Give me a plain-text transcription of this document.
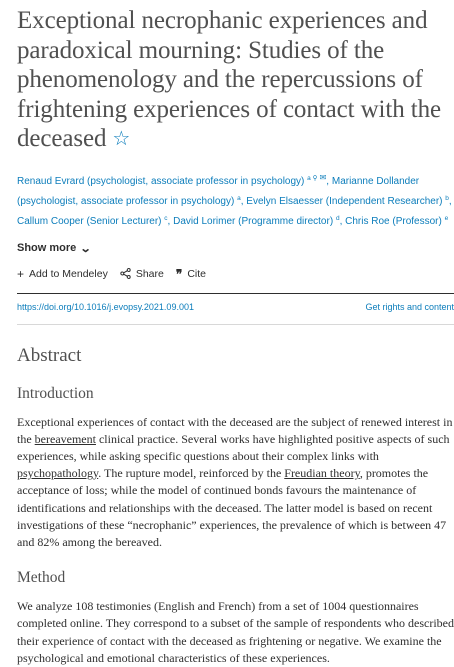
Exceptional necrophanic experiences and paradoxical mourning: Studies of the phenomenology and the repercussions of frightening experiences of contact with the deceased ☆
Renaud Evrard (psychologist, associate professor in psychology) $^{a ⚲ ✉}$, Marianne Dollander (psychologist, associate professor in psychology) $^a$, Evelyn Elsaesser (Independent Researcher) $^b$, Callum Cooper (Senior Lecturer) $^c$, David Lorimer (Programme director) $^d$, Chris Roe (Professor) $^e$
Show more ⌄
+ Add to Mendeley	Share ❞ Cite
https://doi.org/10.1016/j.evopsy.2021.09.001	Get rights and content
Abstract
Introduction

Exceptional experiences of contact with the deceased are the subject of renewed interest in the bereavement clinical practice. Several works have highlighted positive aspects of such experiences, while asking specific questions about their complex links with psychopathology. The rupture model, reinforced by the Freudian theory, promotes the acceptance of loss; while the model of continued bonds favours the maintenance of identifications and relationships with the deceased. The latter model is based on recent investigations of these “necrophanic” experiences, the prevalence of which is between 47 and 82% among the bereaved.

Method

We analyze 108 testimonies (English and French) from a set of 1004 questionnaires completed online. They correspond to a subset of the sample of respondents who described their experience of contact with the deceased as frightening or negative. We examine the psychological and emotional characteristics of these experiences.
